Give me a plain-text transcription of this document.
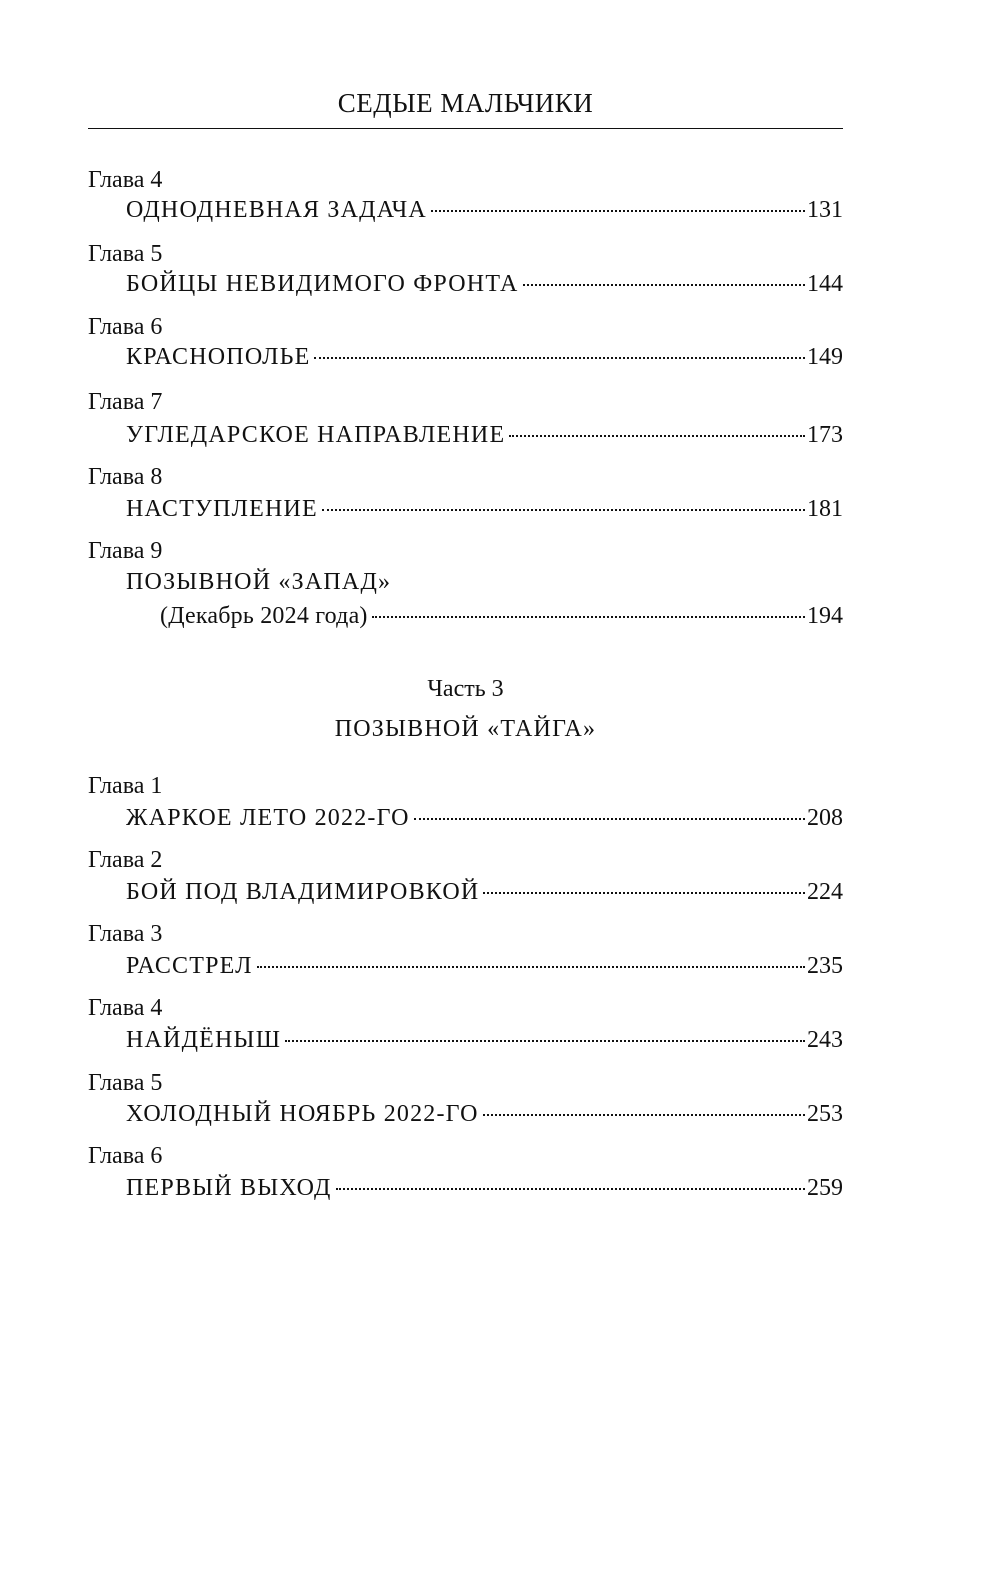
СЕДЫЕ МАЛЬЧИКИ
Глава 4
ОДНОДНЕВНАЯ ЗАДАЧА	131
Глава 5
БОЙЦЫ НЕВИДИМОГО ФРОНТА	144
Глава 6
КРАСНОПОЛЬЕ	149
Глава 7
УГЛЕДАРСКОЕ НАПРАВЛЕНИЕ	173
Глава 8
НАСТУПЛЕНИЕ	181
Глава 9
ПОЗЫВНОЙ «ЗАПАД»
(Декабрь 2024 года)	194
Часть 3
ПОЗЫВНОЙ «ТАЙГА»
Глава 1
ЖАРКОЕ ЛЕТО 2022-ГО	208
Глава 2
БОЙ ПОД ВЛАДИМИРОВКОЙ	224
Глава 3
РАССТРЕЛ	235
Глава 4
НАЙДЁНЫШ	243
Глава 5
ХОЛОДНЫЙ НОЯБРЬ 2022-ГО	253
Глава 6
ПЕРВЫЙ ВЫХОД	259
